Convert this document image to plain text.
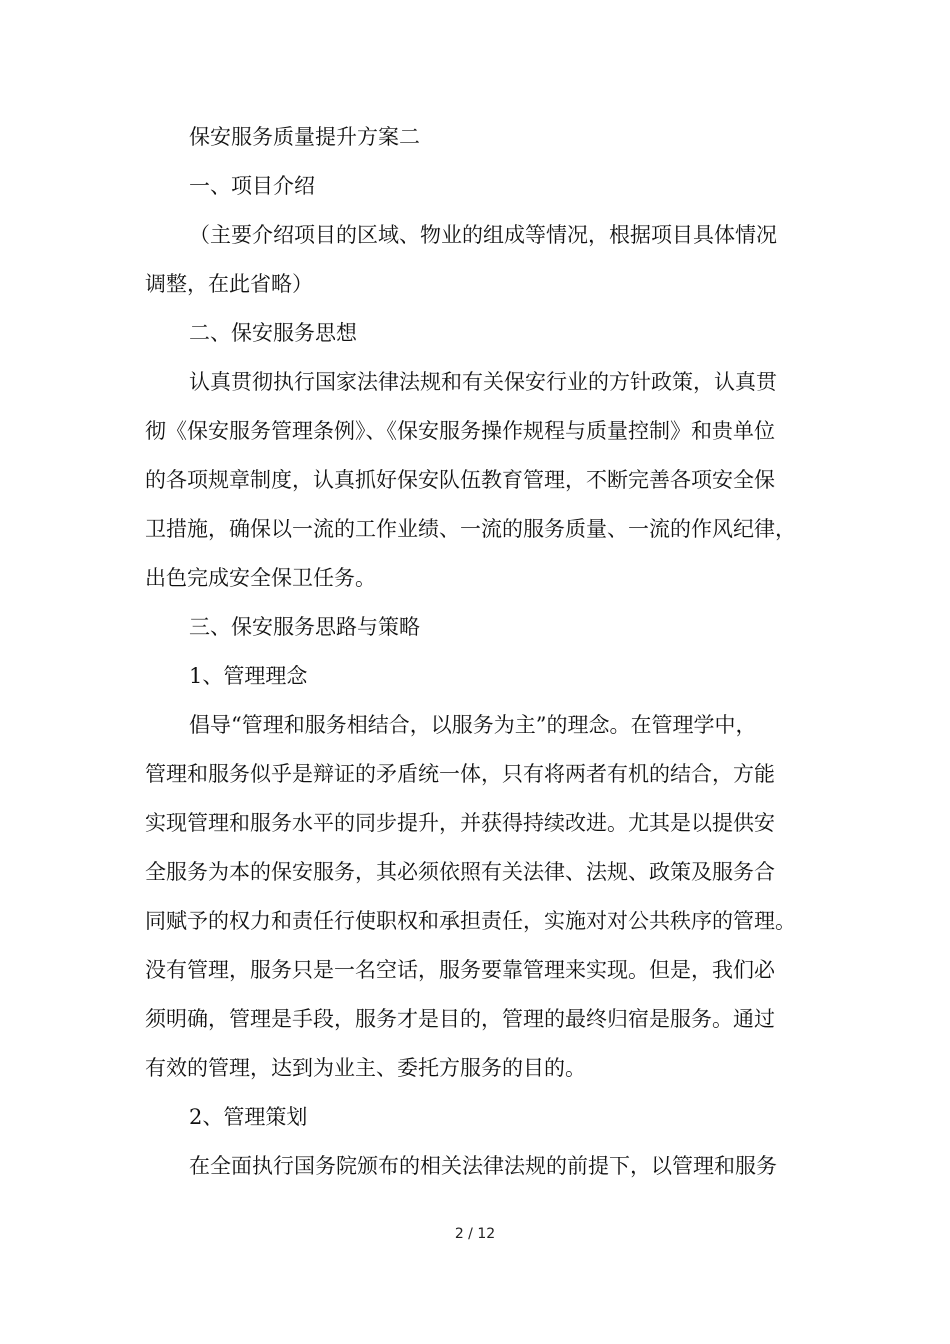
保安服务质量提升方案二
一、项目介绍
（主要介绍项目的区域、物业的组成等情况，根据项目具体情况
调整，在此省略）
二、保安服务思想
认真贯彻执行国家法律法规和有关保安行业的方针政策，认真贯
彻《保安服务管理条例》、《保安服务操作规程与质量控制》和贵单位
的各项规章制度，认真抓好保安队伍教育管理，不断完善各项安全保
卫措施，确保以一流的工作业绩、一流的服务质量、一流的作风纪律，
出色完成安全保卫任务。
三、保安服务思路与策略
1、管理理念
倡导“管理和服务相结合，以服务为主”的理念。在管理学中，
管理和服务似乎是辩证的矛盾统一体，只有将两者有机的结合，方能
实现管理和服务水平的同步提升，并获得持续改进。尤其是以提供安
全服务为本的保安服务，其必须依照有关法律、法规、政策及服务合
同赋予的权力和责任行使职权和承担责任，实施对对公共秩序的管理。
没有管理，服务只是一名空话，服务要靠管理来实现。但是，我们必
须明确，管理是手段，服务才是目的，管理的最终归宿是服务。通过
有效的管理，达到为业主、委托方服务的目的。
2、管理策划
在全面执行国务院颁布的相关法律法规的前提下，以管理和服务
2 / 12
